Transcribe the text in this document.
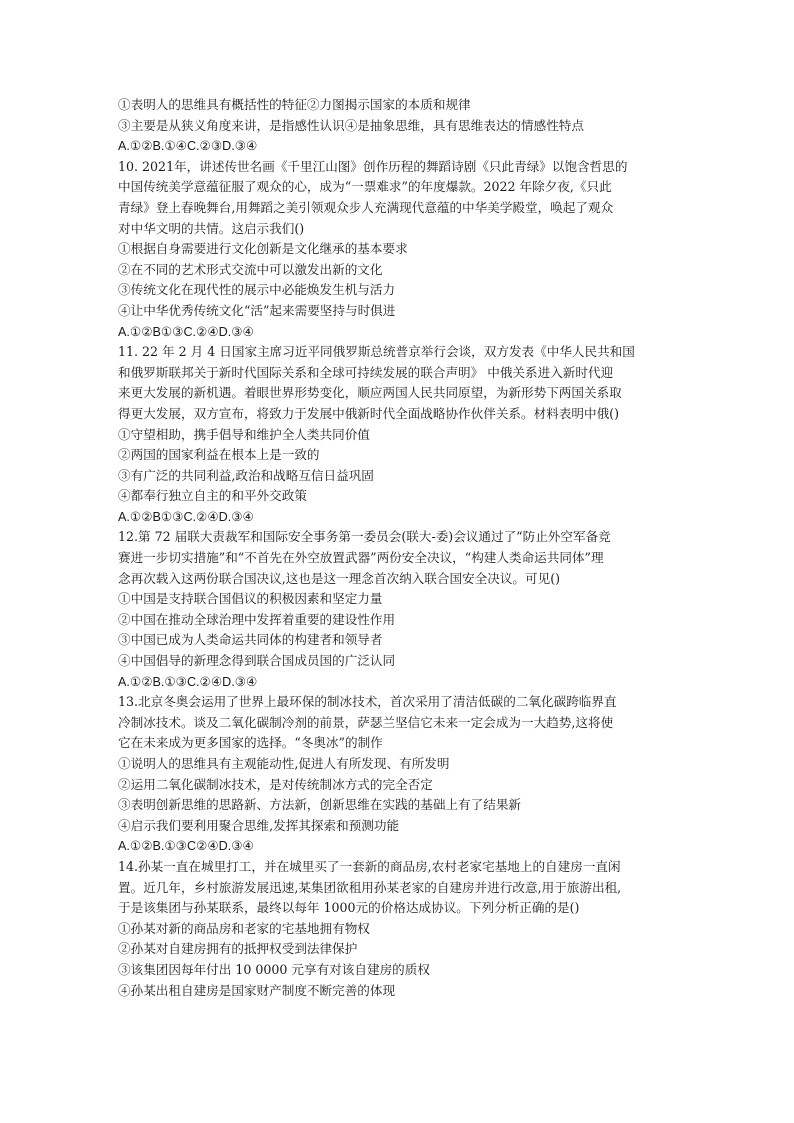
①表明人的思维具有概括性的特征②力图揭示国家的本质和规律
③主要是从狭义角度来讲，是指感性认识④是抽象思维，具有思维表达的情感性特点
A.①②B.①④C.②③D.③④
10. 2021年，讲述传世名画《千里江山图》创作历程的舞蹈诗剧《只此青绿》以饱含哲思的
中国传统美学意蕴征服了观众的心，成为“一票难求”的年度爆款。2022 年除夕夜,《只此
青绿》登上春晚舞台,用舞蹈之美引领观众步人充满现代意蕴的中华美学殿堂，唤起了观众
对中华文明的共情。这启示我们()
①根据自身需要进行文化创新是文化继承的基本要求
②在不同的艺术形式交流中可以激发出新的文化
③传统文化在现代性的展示中必能焕发生机与活力
④让中华优秀传统文化“活”起来需要坚持与时俱进
A.①②B①③C.②④D.③④
11. 22 年 2 月 4 日国家主席习近平同俄罗斯总统普京举行会谈，双方发表《中华人民共和国
和俄罗斯联邦关于新时代国际关系和全球可持续发展的联合声明》 中俄关系进入新时代迎
来更大发展的新机遇。着眼世界形势变化，顺应两国人民共同原望，为新形势下两国关系取
得更大发展，双方宣布，将致力于发展中俄新时代全面战略协作伙伴关系。材料表明中俄()
①守望相助，携手倡导和维护全人类共同价值
②两国的国家利益在根本上是一致的
③有广泛的共同利益,政治和战略互信日益巩固
④都奉行独立自主的和平外交政策
A.①②B①③C.②④D.③④
12.第 72 届联大责裁军和国际安全事务第一委员会(联大-委)会议通过了“防止外空军备竞
赛进一步切实措施”和“不首先在外空放置武器”两份安全决议，“构建人类命运共同体”理
念再次载入这两份联合国决议,这也是这一理念首次纳入联合国安全决议。可见()
①中国是支持联合国倡议的积极因素和坚定力量
②中国在推动全球治理中发挥着重要的建设性作用
③中国已成为人类命运共同体的构建者和领导者
④中国倡导的新理念得到联合国成员国的广泛认同
A.①②B.①③C.②④D.③④
13.北京冬奥会运用了世界上最环保的制冰技术，首次采用了清洁低碳的二氧化碳跨临界直
冷制冰技术。谈及二氧化碳制冷剂的前景，萨瑟兰坚信它未来一定会成为一大趋势,这将使
它在未来成为更多国家的选择。“冬奥冰”的制作
①说明人的思维具有主观能动性,促进人有所发现、有所发明
②运用二氧化碳制冰技术，是对传统制冰方式的完全否定
③表明创新思维的思路新、方法新，创新思维在实践的基础上有了结果新
④启示我们要利用聚合思维,发挥其探索和预测功能
A.①②B.①③C②④D.③④
14.孙某一直在城里打工，并在城里买了一套新的商品房,农村老家宅基地上的自建房一直闲
置。近几年，乡村旅游发展迅速,某集团欲租用孙某老家的自建房并进行改意,用于旅游出租,
于是该集团与孙某联系，最终以每年 1000元的价格达成协议。下列分析正确的是()
①孙某对新的商品房和老家的宅基地拥有物权
②孙某对自建房拥有的抵押权受到法律保护
③该集团因每年付出 10 0000 元享有对该自建房的质权
④孙某出租自建房是国家财产制度不断完善的体现
